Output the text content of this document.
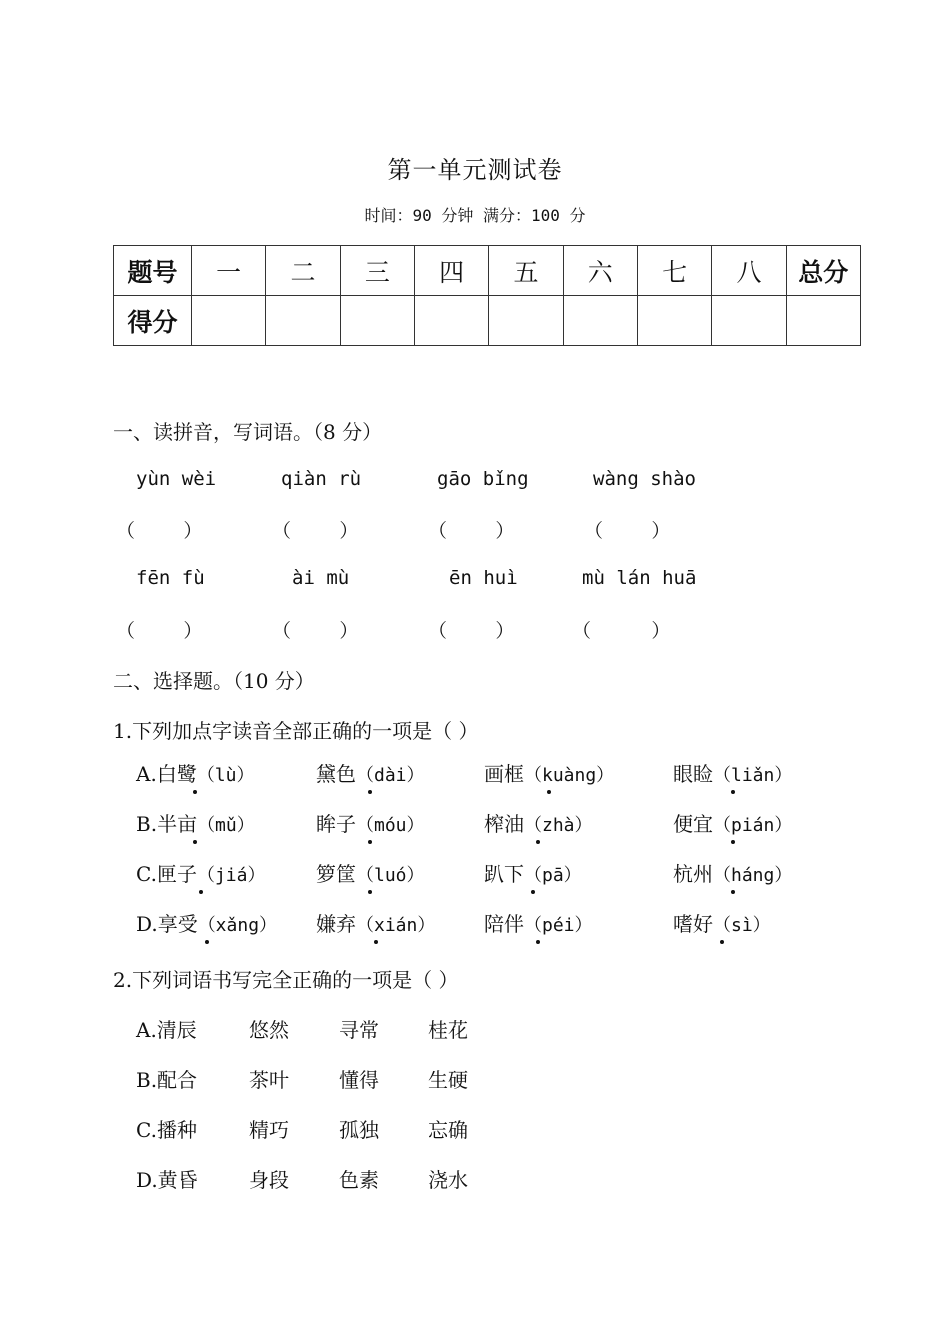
第一单元测试卷
时间：90 分钟 满分：100 分
题号	一	二	三	四	五	六	七	八	总分
得分									
一、读拼音，写词语。（8 分）
yùn wèi	qiàn rù	gāo bǐng	wàng shào
（        ）	（        ）	（        ）	（        ）
fēn fù	ài mù	ēn huì	mù lán huā
（        ）	（        ）	（        ）	（          ）
二、选择题。（10 分）
1.下列加点字读音全部正确的一项是（ ）
A.白鹭（lù）	黛色（dài）	画框（kuàng）	眼睑（liǎn）
B.半亩（mǔ）	眸子（móu）	榨油（zhà）	便宜（pián）
C.匣子（jiá）	箩筐（luó）	趴下（pā）	杭州（háng）
D.享受（xǎng） 嫌弃（xián） 陪伴（péi）	嗜好（sì）
2.下列词语书写完全正确的一项是（ ）
A.清辰	悠然	寻常 桂花
B.配合	茶叶	懂得 生硬
C.播种	精巧	孤独 忘确
D.黄昏	身段	色素 浇水
